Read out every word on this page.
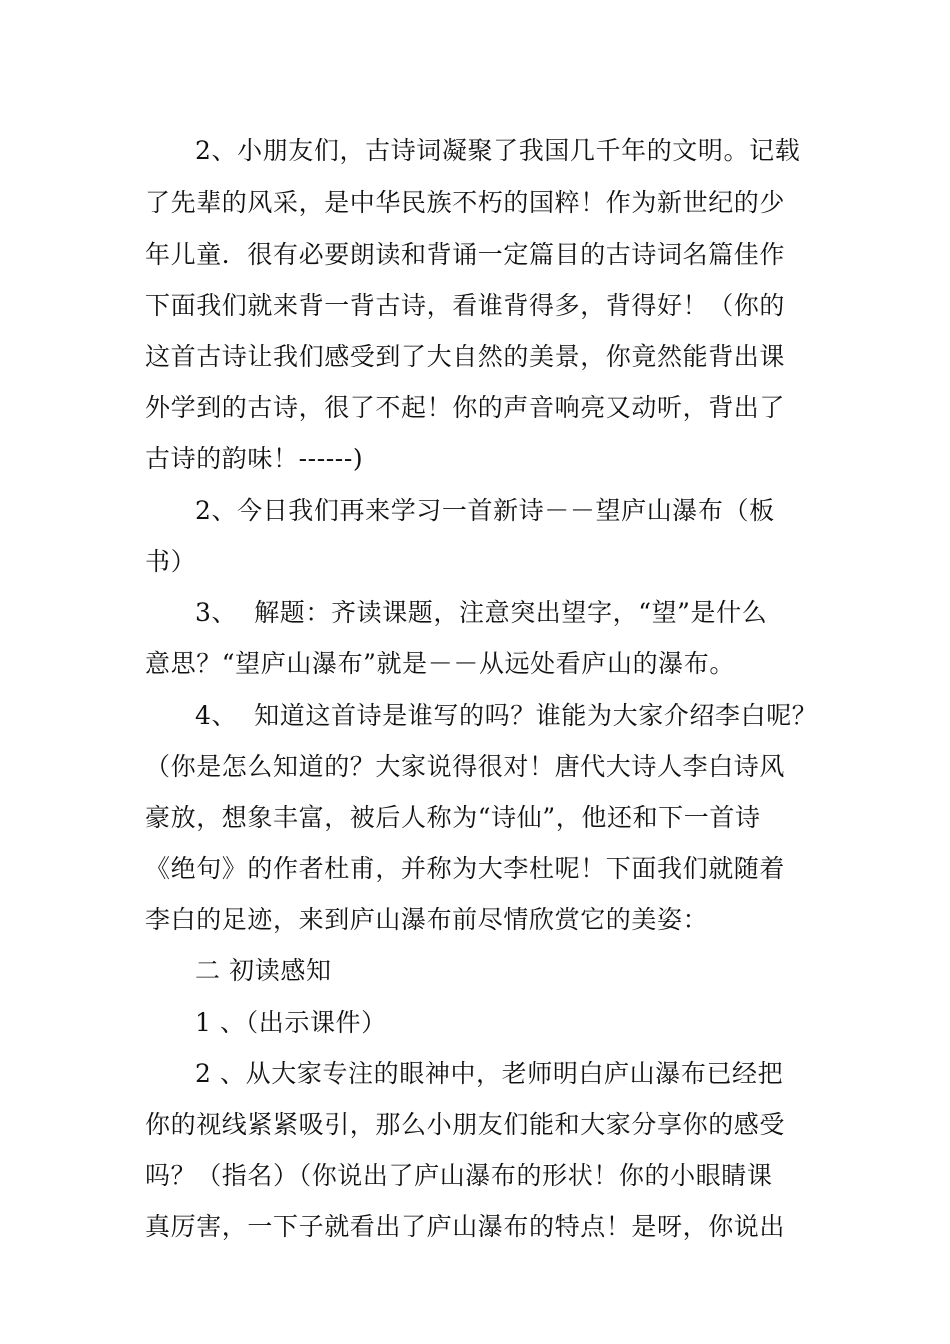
2、小朋友们，古诗词凝聚了我国几千年的文明。记载
了先辈的风采，是中华民族不朽的国粹！作为新世纪的少
年儿童．很有必要朗读和背诵一定篇目的古诗词名篇佳作
下面我们就来背一背古诗，看谁背得多，背得好！（你的
这首古诗让我们感受到了大自然的美景，你竟然能背出课
外学到的古诗，很了不起！你的声音响亮又动听，背出了
古诗的韵味！------)
2、今日我们再来学习一首新诗－－望庐山瀑布（板
书）
3、  解题：齐读课题，注意突出望字，“望”是什么
意思？“望庐山瀑布”就是－－从远处看庐山的瀑布。
4、  知道这首诗是谁写的吗？谁能为大家介绍李白呢？
（你是怎么知道的？大家说得很对！唐代大诗人李白诗风
豪放，想象丰富，被后人称为“诗仙”，他还和下一首诗
《绝句》的作者杜甫，并称为大李杜呢！下面我们就随着
李白的足迹，来到庐山瀑布前尽情欣赏它的美姿：
二 初读感知
1 、（出示课件）
2 、从大家专注的眼神中，老师明白庐山瀑布已经把
你的视线紧紧吸引，那么小朋友们能和大家分享你的感受
吗？（指名）（你说出了庐山瀑布的形状！你的小眼睛课
真厉害，一下子就看出了庐山瀑布的特点！是呀，你说出
